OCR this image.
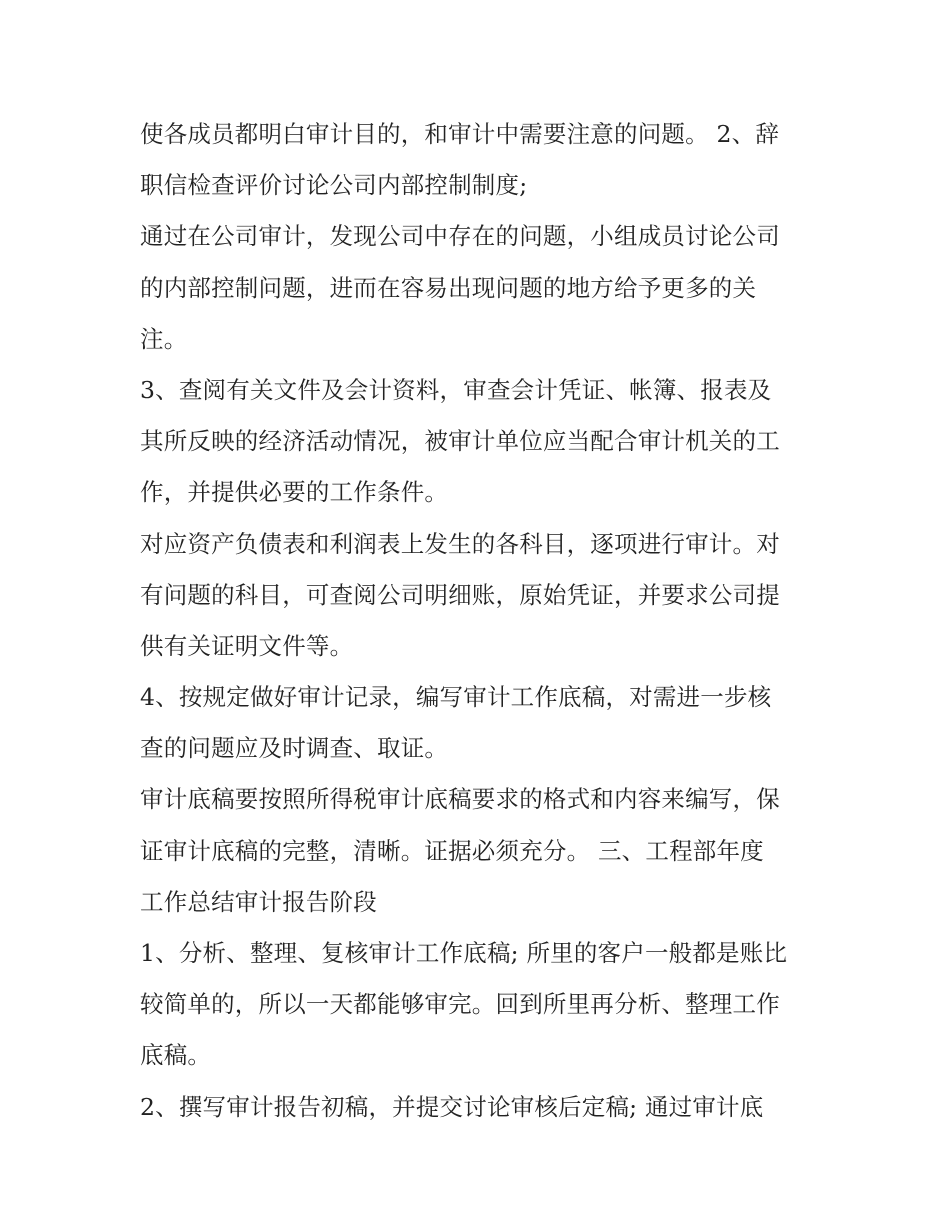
使各成员都明白审计目的，和审计中需要注意的问题。 2、辞
职信检查评价讨论公司内部控制制度;
通过在公司审计，发现公司中存在的问题，小组成员讨论公司
的内部控制问题，进而在容易出现问题的地方给予更多的关
注。
3、查阅有关文件及会计资料，审查会计凭证、帐簿、报表及
其所反映的经济活动情况，被审计单位应当配合审计机关的工
作，并提供必要的工作条件。
对应资产负债表和利润表上发生的各科目，逐项进行审计。对
有问题的科目，可查阅公司明细账，原始凭证，并要求公司提
供有关证明文件等。
4、按规定做好审计记录，编写审计工作底稿，对需进一步核
查的问题应及时调查、取证。
审计底稿要按照所得税审计底稿要求的格式和内容来编写，保
证审计底稿的完整，清晰。证据必须充分。 三、工程部年度
工作总结审计报告阶段
1、分析、整理、复核审计工作底稿; 所里的客户一般都是账比
较简单的，所以一天都能够审完。回到所里再分析、整理工作
底稿。
2、撰写审计报告初稿，并提交讨论审核后定稿; 通过审计底
